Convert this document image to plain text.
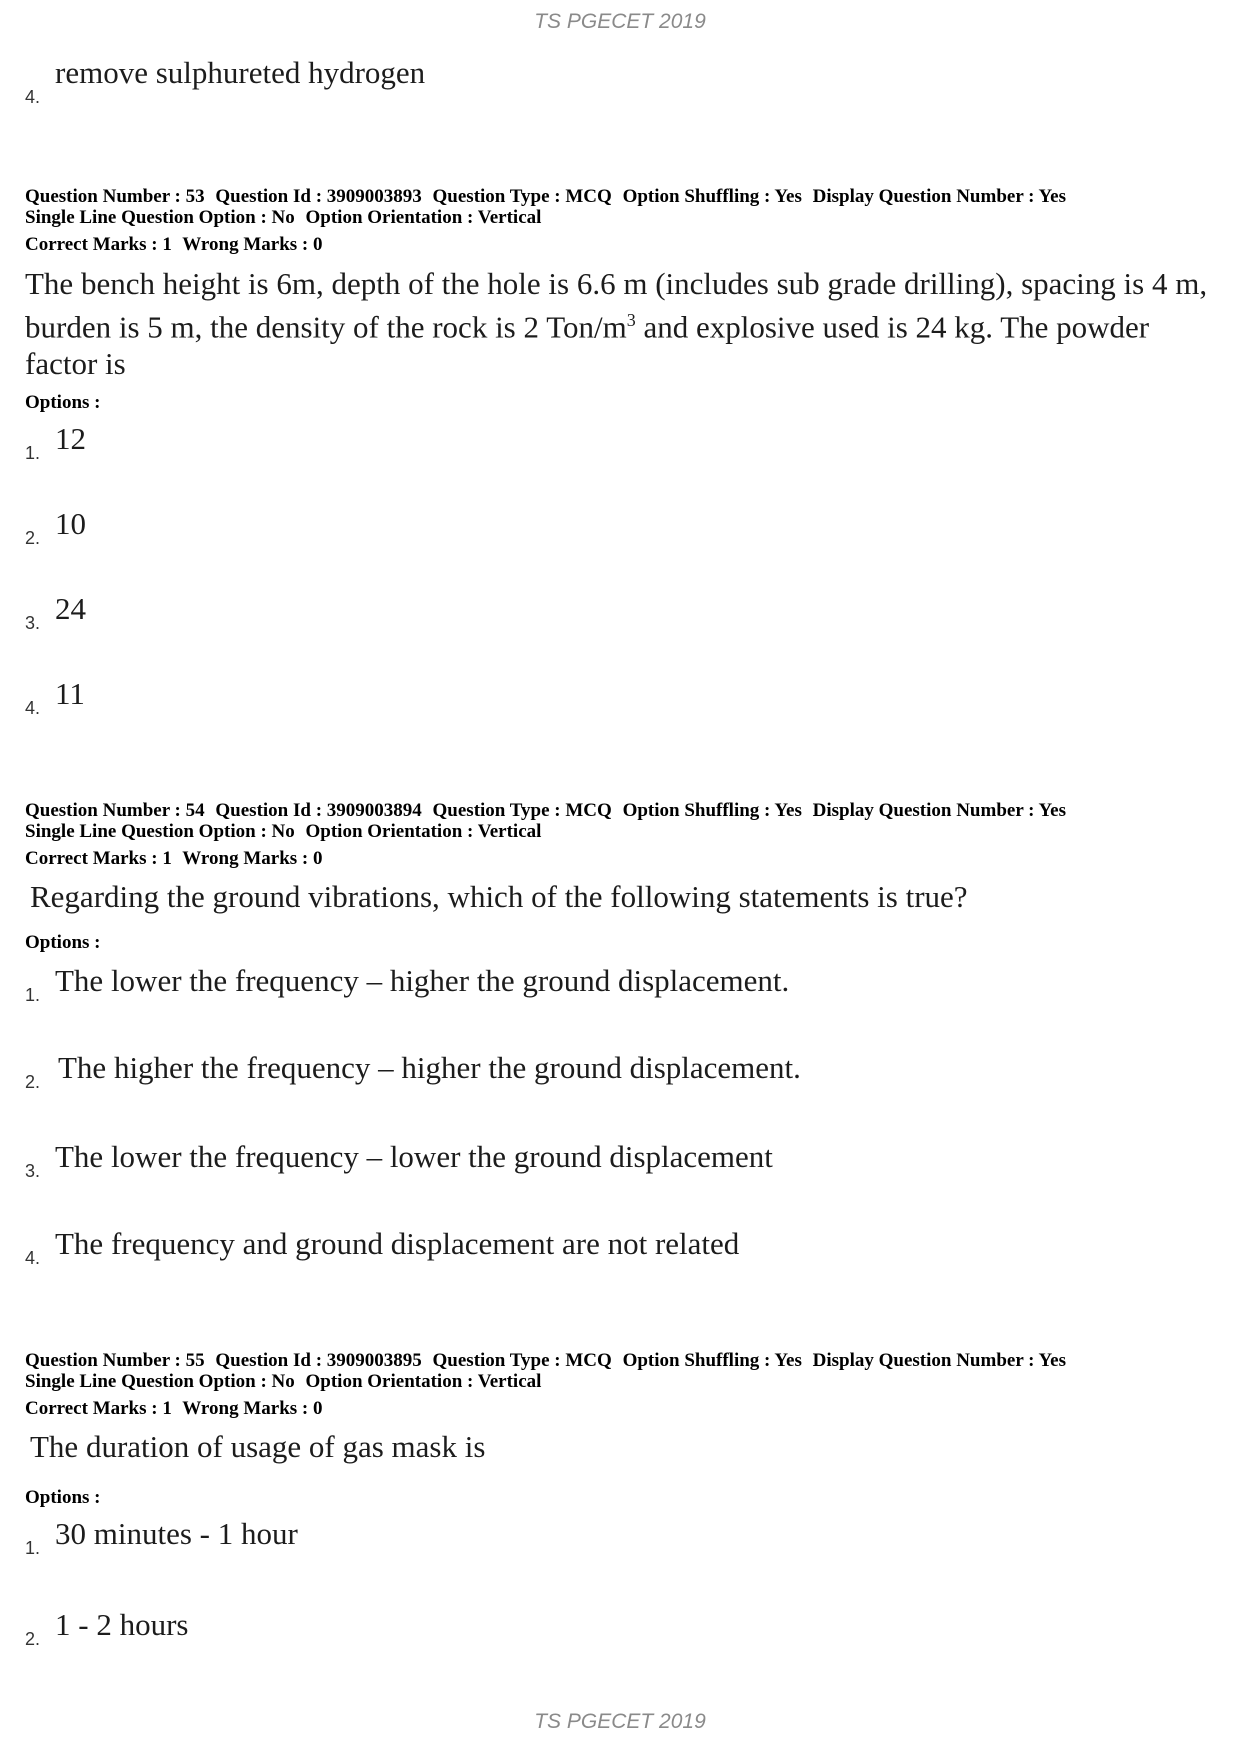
TS PGECET 2019
4.
remove sulphureted hydrogen
Question Number : 53 Question Id : 3909003893 Question Type : MCQ Option Shuffling : Yes Display Question Number : Yes
Single Line Question Option : No Option Orientation : Vertical
Correct Marks : 1 Wrong Marks : 0
The bench height is 6m, depth of the hole is 6.6 m (includes sub grade drilling), spacing is 4 m, burden is 5 m, the density of the rock is 2 Ton/$m^3$ and explosive used is 24 kg. The powder factor is
Options :
1. 12
2. 10
3. 24
4. 11
Question Number : 54 Question Id : 3909003894 Question Type : MCQ Option Shuffling : Yes Display Question Number : Yes
Single Line Question Option : No Option Orientation : Vertical
Correct Marks : 1 Wrong Marks : 0
Regarding the ground vibrations, which of the following statements is true?
Options :
1. The lower the frequency – higher the ground displacement.
2. The higher the frequency – higher the ground displacement.
3. The lower the frequency – lower the ground displacement
4. The frequency and ground displacement are not related
Question Number : 55 Question Id : 3909003895 Question Type : MCQ Option Shuffling : Yes Display Question Number : Yes
Single Line Question Option : No Option Orientation : Vertical
Correct Marks : 1 Wrong Marks : 0
The duration of usage of gas mask is
Options :
1. 30 minutes - 1 hour
2. 1 - 2 hours
TS PGECET 2019
